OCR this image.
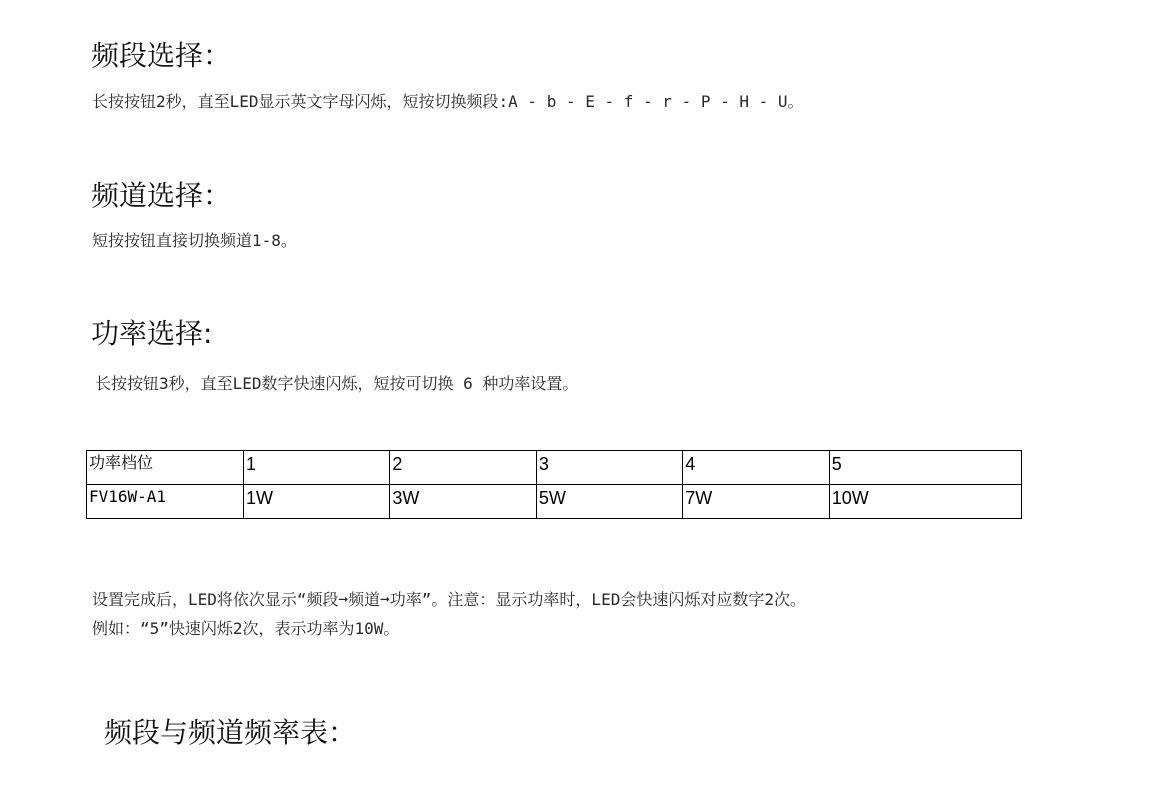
频段选择：

长按按钮2秒，直至LED显示英文字母闪烁，短按切换频段:A - b - E - f - r - P - H - U。

频道选择：

短按按钮直接切换频道1-8。

功率选择:

长按按钮3秒，直至LED数字快速闪烁，短按可切换 6 种功率设置。

功率档位	1	2	3	4	5
FV16W-A1	1W	3W	5W	7W	10W

设置完成后，LED将依次显示“频段➞频道➞功率”。注意：显示功率时，LED会快速闪烁对应数字2次。

例如：“5”快速闪烁2次，表示功率为10W。

频段与频道频率表：
